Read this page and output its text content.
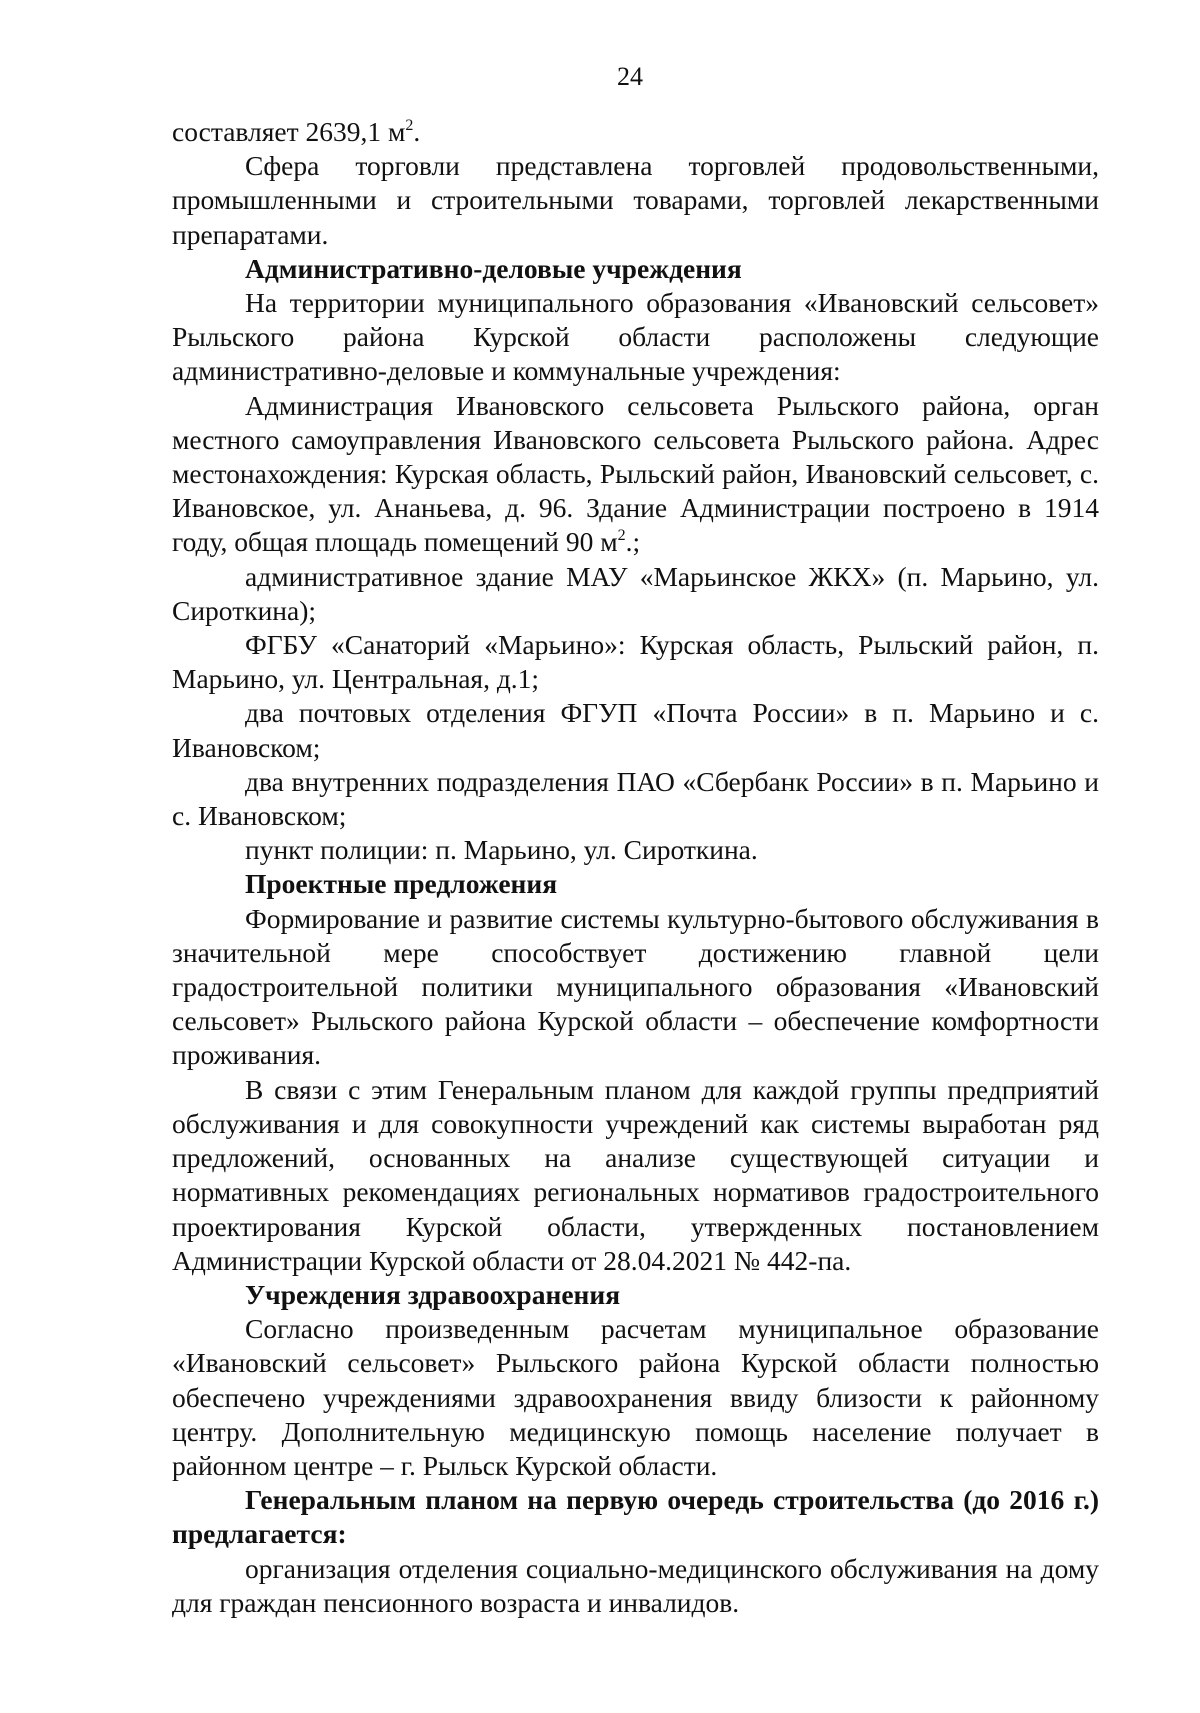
24

составляет 2639,1 $м^2$.

Сфера торговли представлена торговлей продовольственными, промышленными и строительными товарами, торговлей лекарственными препаратами.

Административно-деловые учреждения

На территории муниципального образования «Ивановский сельсовет» Рыльского района Курской области расположены следующие административно-деловые и коммунальные учреждения:

Администрация Ивановского сельсовета Рыльского района, орган местного самоуправления Ивановского сельсовета Рыльского района. Адрес местонахождения: Курская область, Рыльский район, Ивановский сельсовет, с. Ивановское, ул. Ананьева, д. 96. Здание Администрации построено в 1914 году, общая площадь помещений 90 $м^2$.;

административное здание МАУ «Марьинское ЖКХ» (п. Марьино, ул. Сироткина);

ФГБУ «Санаторий «Марьино»: Курская область, Рыльский район, п. Марьино, ул. Центральная, д.1;

два почтовых отделения ФГУП «Почта России» в п. Марьино и с. Ивановском;

два внутренних подразделения ПАО «Сбербанк России» в п. Марьино и с. Ивановском;

пункт полиции: п. Марьино, ул. Сироткина.

Проектные предложения

Формирование и развитие системы культурно-бытового обслуживания в значительной мере способствует достижению главной цели градостроительной политики муниципального образования «Ивановский сельсовет» Рыльского района Курской области – обеспечение комфортности проживания.

В связи с этим Генеральным планом для каждой группы предприятий обслуживания и для совокупности учреждений как системы выработан ряд предложений, основанных на анализе существующей ситуации и нормативных рекомендациях региональных нормативов градостроительного проектирования Курской области, утвержденных постановлением Администрации Курской области от 28.04.2021 № 442-па.

Учреждения здравоохранения

Согласно произведенным расчетам муниципальное образование «Ивановский сельсовет» Рыльского района Курской области полностью обеспечено учреждениями здравоохранения ввиду близости к районному центру. Дополнительную медицинскую помощь население получает в районном центре – г. Рыльск Курской области.

Генеральным планом на первую очередь строительства (до 2016 г.) предлагается:

организация отделения социально-медицинского обслуживания на дому для граждан пенсионного возраста и инвалидов.
